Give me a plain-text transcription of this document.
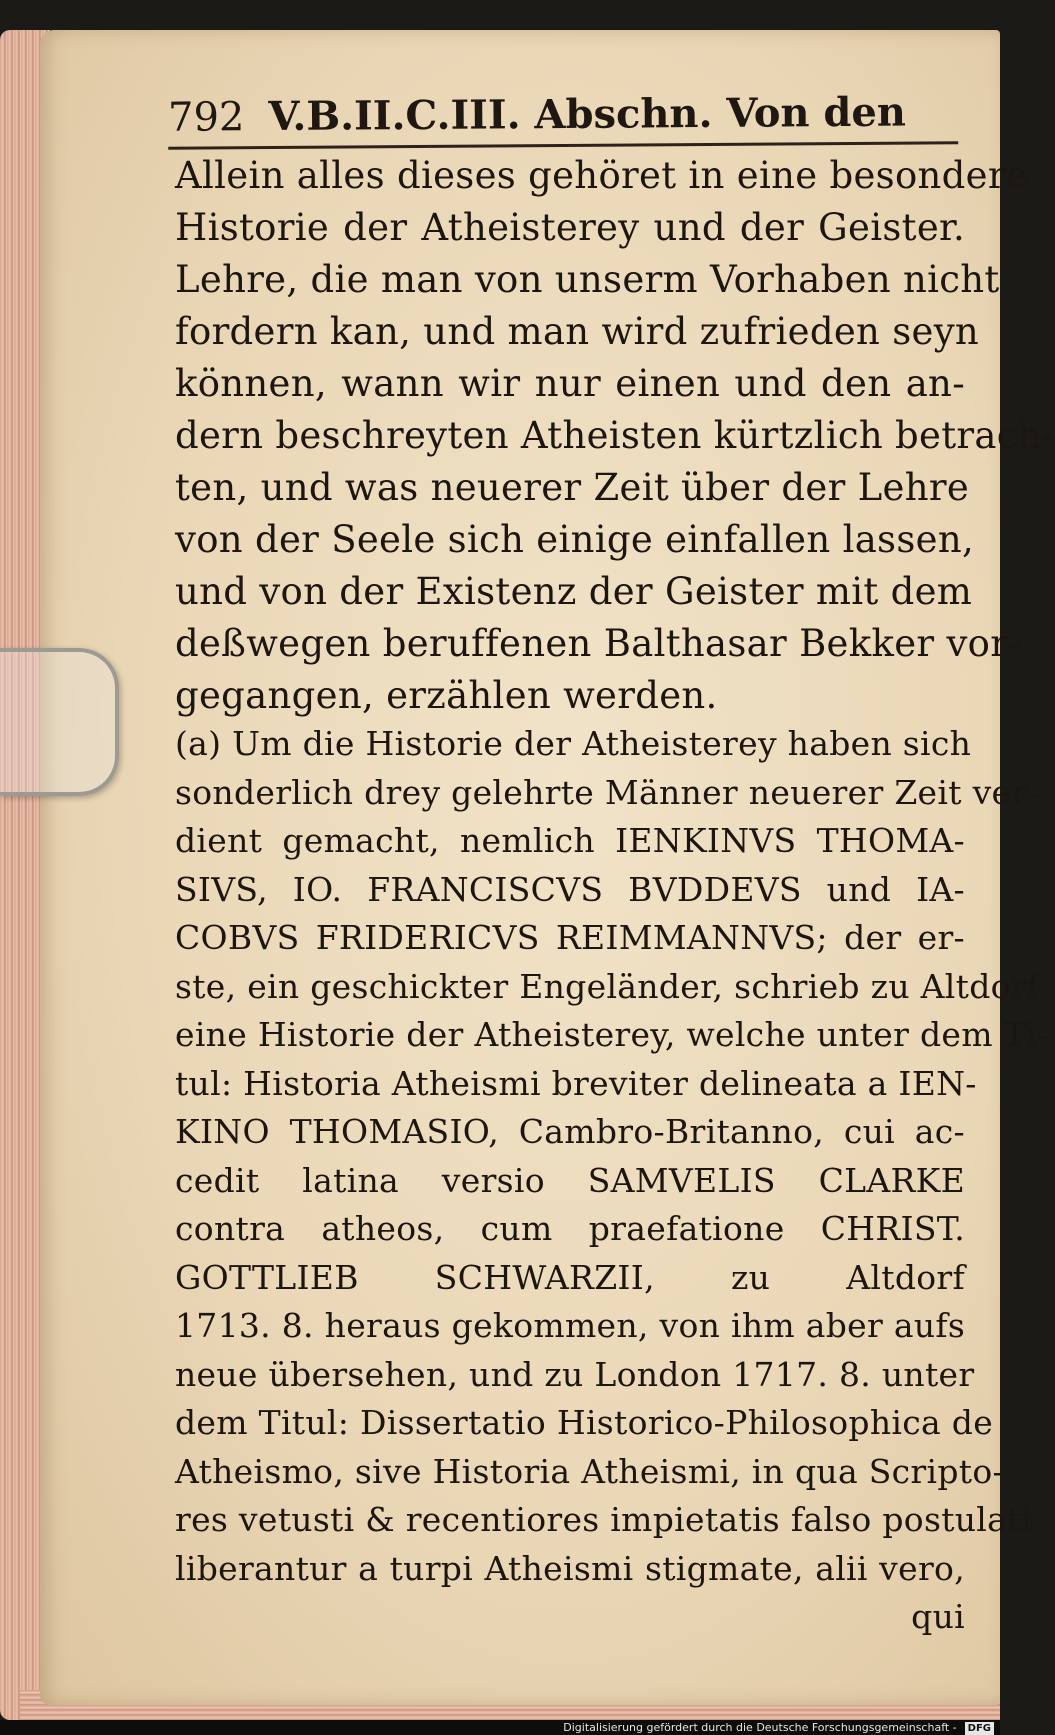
792 V.B.II.C.III. Abschn. Von den
Allein alles dieses gehöret in eine besondere
Historie der Atheisterey und der Geister.
Lehre, die man von unserm Vorhaben nicht
fordern kan, und man wird zufrieden seyn
können, wann wir nur einen und den an-
dern beschreyten Atheisten kürtzlich betrach-
ten, und was neuerer Zeit über der Lehre
von der Seele sich einige einfallen lassen,
und von der Existenz der Geister mit dem
deßwegen beruffenen Balthasar Bekker vor-
gegangen, erzählen werden.
(a) Um die Historie der Atheisterey haben sich
sonderlich drey gelehrte Männer neuerer Zeit ver-
dient gemacht, nemlich IENKINVS THOMA-
SIVS, IO. FRANCISCVS BVDDEVS und IA-
COBVS FRIDERICVS REIMMANNVS; der er-
ste, ein geschickter Engeländer, schrieb zu Altdorf
eine Historie der Atheisterey, welche unter dem Ti-
tul: Historia Atheismi breviter delineata a IEN-
KINO THOMASIO, Cambro-Britanno, cui ac-
cedit latina versio SAMVELIS CLARKE
contra atheos, cum praefatione CHRIST.
GOTTLIEB SCHWARZII, zu Altdorf
1713. 8. heraus gekommen, von ihm aber aufs
neue übersehen, und zu London 1717. 8. unter
dem Titul: Dissertatio Historico-Philosophica de
Atheismo, sive Historia Atheismi, in qua Scripto-
res vetusti & recentiores impietatis falso postulati
liberantur a turpi Atheismi stigmate, alii vero,
qui
Digitalisierung gefördert durch die Deutsche Forschungsgemeinschaft - DFG
